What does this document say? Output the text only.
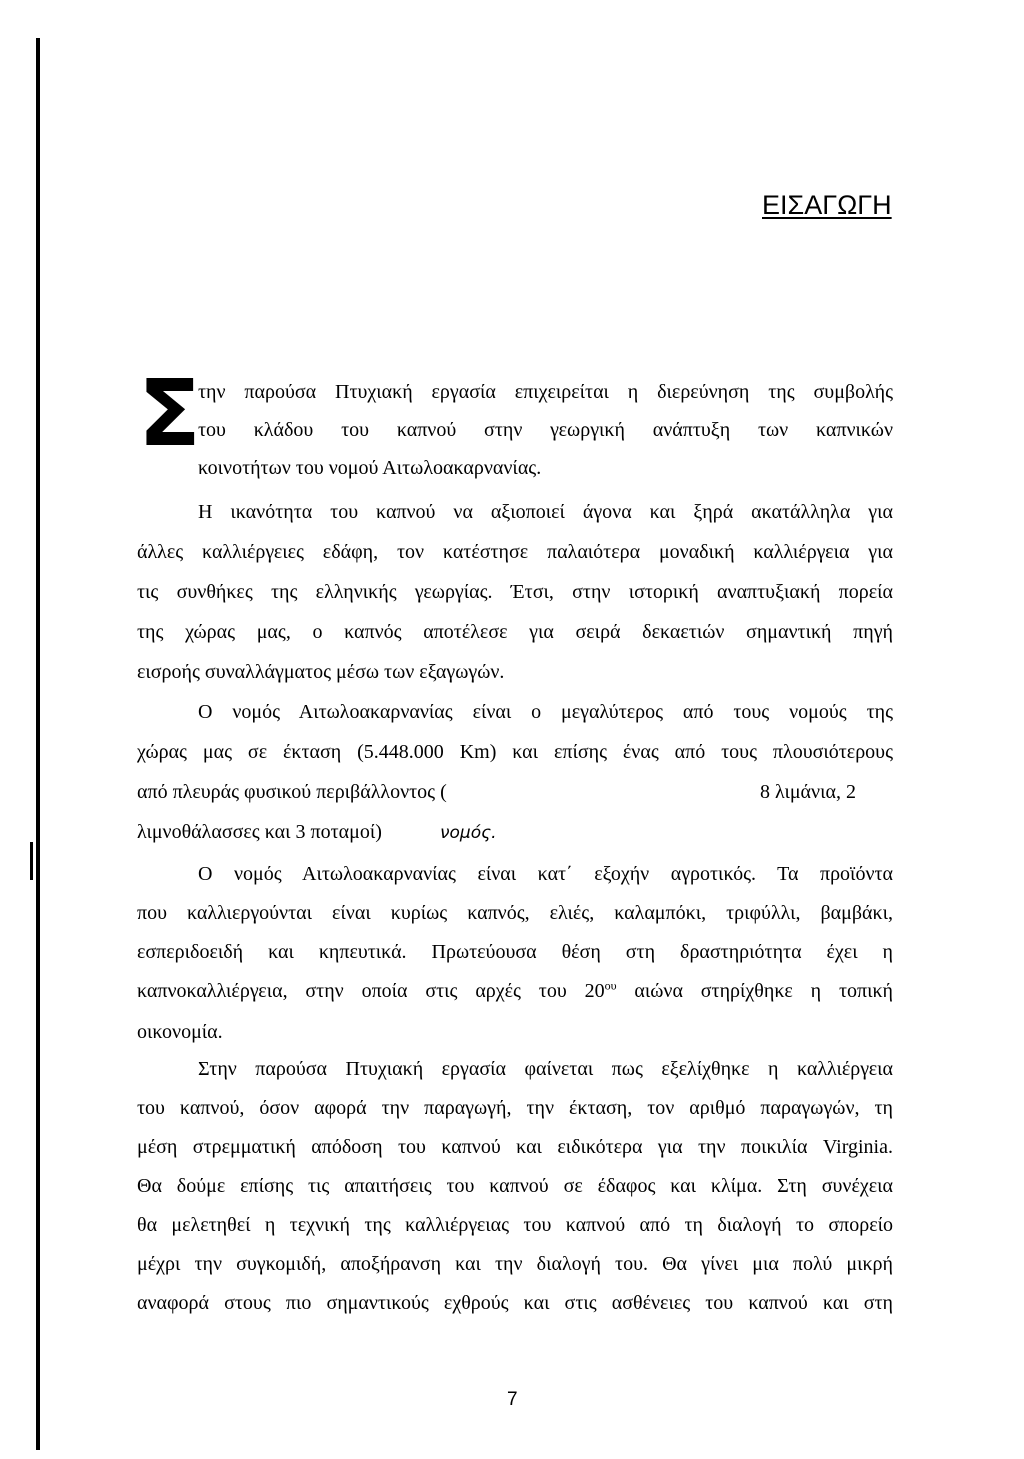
ΕΙΣΑΓΩΓΗ
Σ
την παρούσα Πτυχιακή εργασία επιχειρείται η διερεύνηση της συμβολής
του κλάδου του καπνού στην γεωργική ανάπτυξη των καπνικών
κοινοτήτων του νομού Αιτωλοακαρνανίας.
Η ικανότητα του καπνού να αξιοποιεί άγονα και ξηρά ακατάλληλα για
άλλες καλλιέργειες εδάφη, τον κατέστησε παλαιότερα μοναδική καλλιέργεια για
τις συνθήκες της ελληνικής γεωργίας. Έτσι, στην ιστορική αναπτυξιακή πορεία
της χώρας μας, ο καπνός αποτέλεσε για σειρά δεκαετιών σημαντική πηγή
εισροής συναλλάγματος μέσω των εξαγωγών.
Ο νομός Αιτωλοακαρνανίας είναι ο μεγαλύτερος από τους νομούς της
χώρας μας σε έκταση (5.448.000 Km) και επίσης ένας από τους πλουσιότερους
από πλευράς φυσικού περιβάλλοντος (	8 λιμάνια, 2
λιμνοθάλασσες και 3 ποταμοί)	νομός.
Ο νομός Αιτωλοακαρνανίας είναι κατ΄ εξοχήν αγροτικός. Τα προϊόντα
που καλλιεργούνται είναι κυρίως καπνός, ελιές, καλαμπόκι, τριφύλλι, βαμβάκι,
εσπεριδοειδή και κηπευτικά. Πρωτεύουσα θέση στη δραστηριότητα έχει η
καπνοκαλλιέργεια, στην οποία στις αρχές του $20^{o\upsilon}$ αιώνα στηρίχθηκε η τοπική
οικονομία.
Στην παρούσα Πτυχιακή εργασία φαίνεται πως εξελίχθηκε η καλλιέργεια
του καπνού, όσον αφορά την παραγωγή, την έκταση, τον αριθμό παραγωγών, τη
μέση στρεμματική απόδοση του καπνού και ειδικότερα για την ποικιλία Virginia.
Θα δούμε επίσης τις απαιτήσεις του καπνού σε έδαφος και κλίμα. Στη συνέχεια
θα μελετηθεί η τεχνική της καλλιέργειας του καπνού από τη διαλογή το σπορείο
μέχρι την συγκομιδή, αποξήρανση και την διαλογή του. Θα γίνει μια πολύ μικρή
αναφορά στους πιο σημαντικούς εχθρούς και στις ασθένειες του καπνού και στη
7
